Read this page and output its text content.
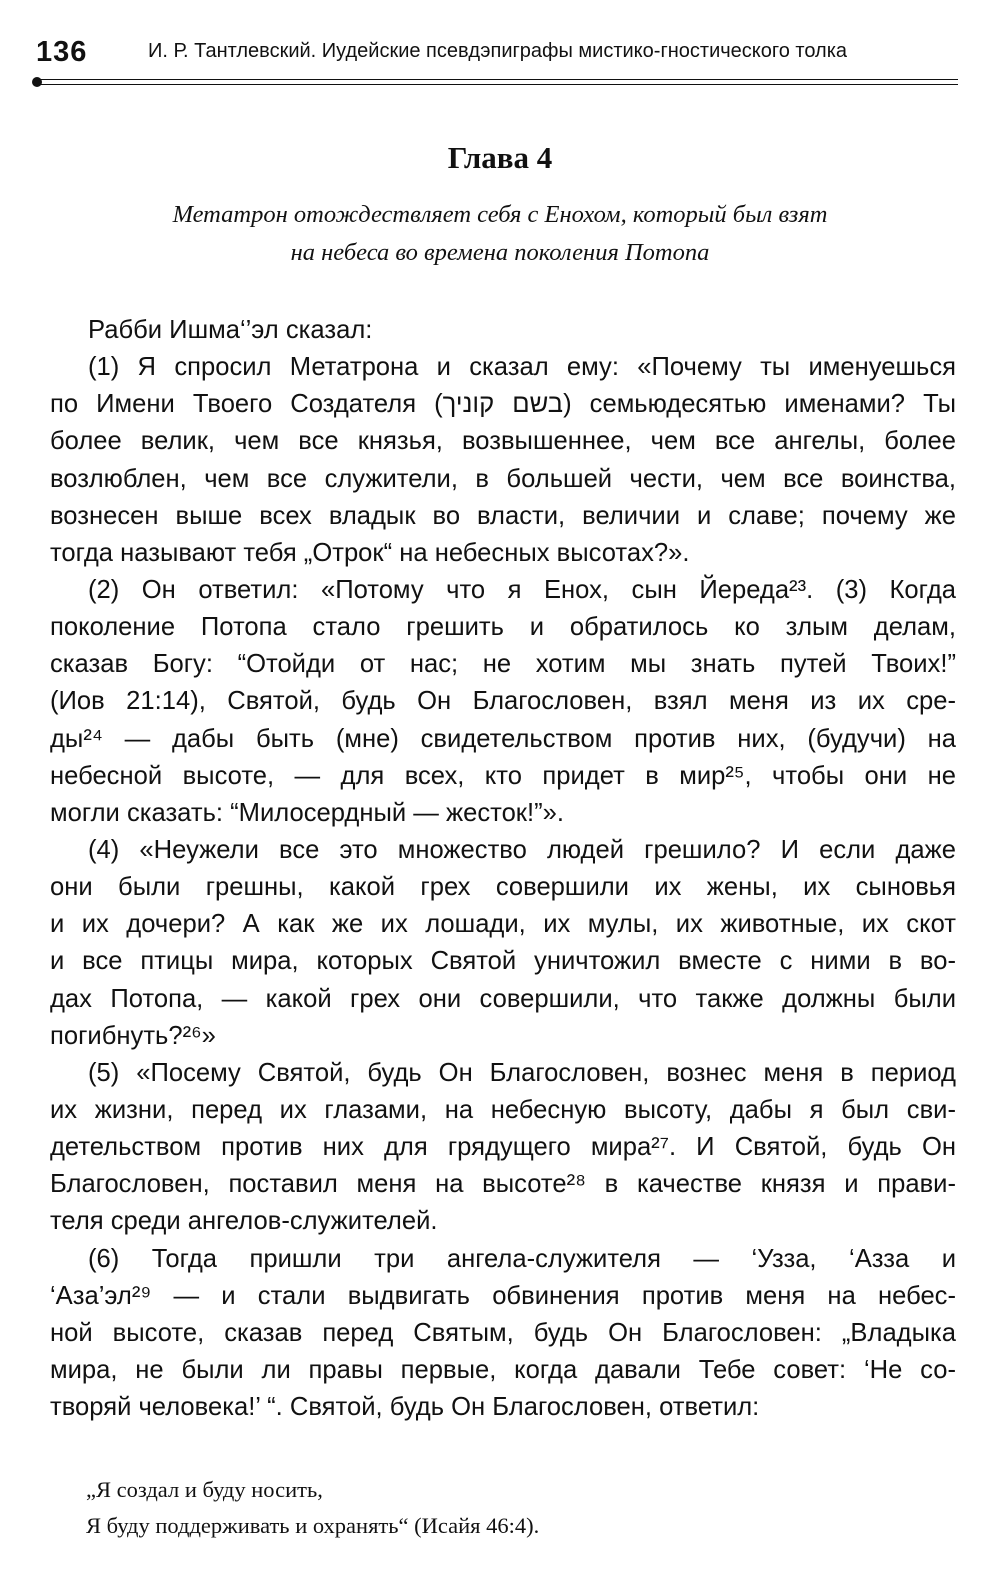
136	И. Р. Тантлевский. Иудейские псевдэпиграфы мистико-гностического толка
Глава 4
Метатрон отождествляет себя с Енохом, который был взят
на небеса во времена поколения Потопа
Рабби Ишма‘’эл сказал:
(1) Я спросил Метатрона и сказал ему: «Почему ты именуешься
по Имени Твоего Создателя (בשם קוניך) семьюдесятью именами? Ты
более велик, чем все князья, возвышеннее, чем все ангелы, более
возлюблен, чем все служители, в большей чести, чем все воинства,
вознесен выше всех владык во власти, величии и славе; почему же
тогда называют тебя „Отрок“ на небесных высотах?».
(2) Он ответил: «Потому что я Енох, сын Йереда²³. (3) Когда
поколение Потопа стало грешить и обратилось ко злым делам,
сказав Богу: “Отойди от нас; не хотим мы знать путей Твоих!”
(Иов 21:14), Святой, будь Он Благословен, взял меня из их сре-
ды²⁴ — дабы быть (мне) свидетельством против них, (будучи) на
небесной высоте, — для всех, кто придет в мир²⁵, чтобы они не
могли сказать: “Милосердный — жесток!”».
(4) «Неужели все это множество людей грешило? И если даже
они были грешны, какой грех совершили их жены, их сыновья
и их дочери? А как же их лошади, их мулы, их животные, их скот
и все птицы мира, которых Святой уничтожил вместе с ними в во-
дах Потопа, — какой грех они совершили, что также должны были
погибнуть?²⁶»
(5) «Посему Святой, будь Он Благословен, вознес меня в период
их жизни, перед их глазами, на небесную высоту, дабы я был сви-
детельством против них для грядущего мира²⁷. И Святой, будь Он
Благословен, поставил меня на высоте²⁸ в качестве князя и прави-
теля среди ангелов-служителей.
(6) Тогда пришли три ангела-служителя — ‘Узза, ‘Азза и
‘Аза’эл²⁹ — и стали выдвигать обвинения против меня на небес-
ной высоте, сказав перед Святым, будь Он Благословен: „Владыка
мира, не были ли правы первые, когда давали Тебе совет: ‘Не со-
творяй человека!’ “. Святой, будь Он Благословен, ответил:
„Я создал и буду носить,
Я буду поддерживать и охранять“ (Исайя 46:4).
